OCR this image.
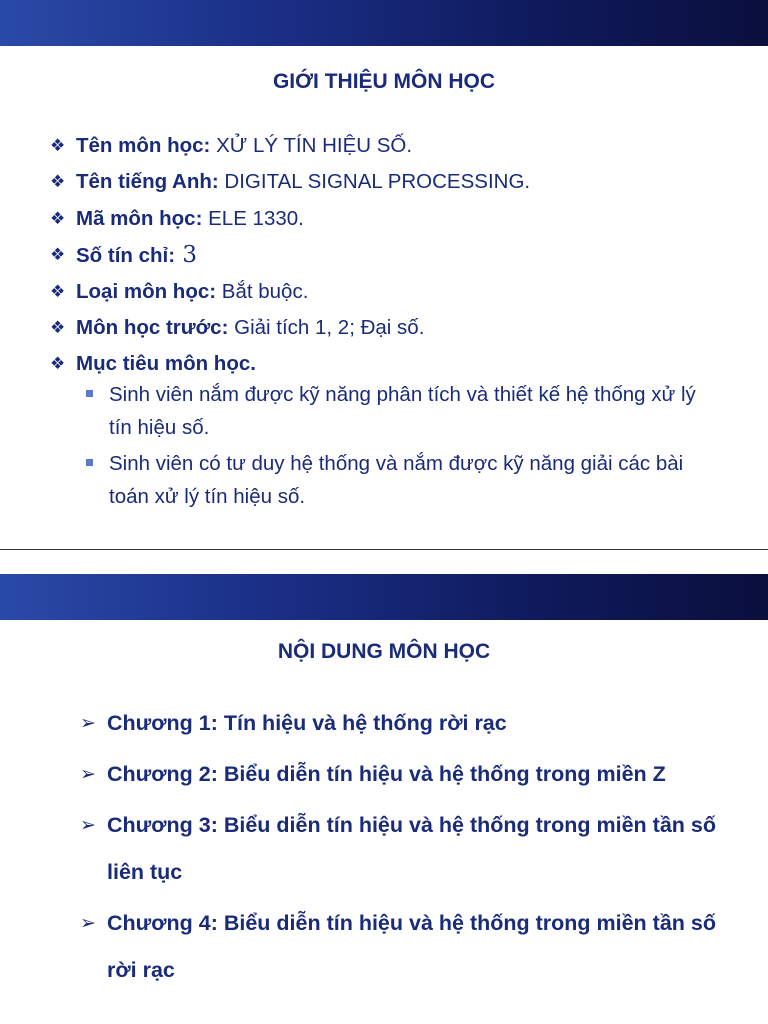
GIỚI THIỆU MÔN HỌC
❖ Tên môn học: XỬ LÝ TÍN HIỆU SỐ.
❖ Tên tiếng Anh: DIGITAL SIGNAL PROCESSING.
❖ Mã môn học: ELE 1330.
❖ Số tín chỉ: 3
❖ Loại môn học: Bắt buộc.
❖ Môn học trước: Giải tích 1, 2; Đại số.
❖ Mục tiêu môn học.
Sinh viên nắm được kỹ năng phân tích và thiết kế hệ thống xử lý tín hiệu số.
Sinh viên có tư duy hệ thống và nắm được kỹ năng giải các bài toán xử lý tín hiệu số.
NỘI DUNG MÔN HỌC
➢ Chương 1: Tín hiệu và hệ thống rời rạc
➢ Chương 2: Biểu diễn tín hiệu và hệ thống trong miền Z
➢ Chương 3: Biểu diễn tín hiệu và hệ thống trong miền tần số liên tục
➢ Chương 4: Biểu diễn tín hiệu và hệ thống trong miền tần số rời rạc
